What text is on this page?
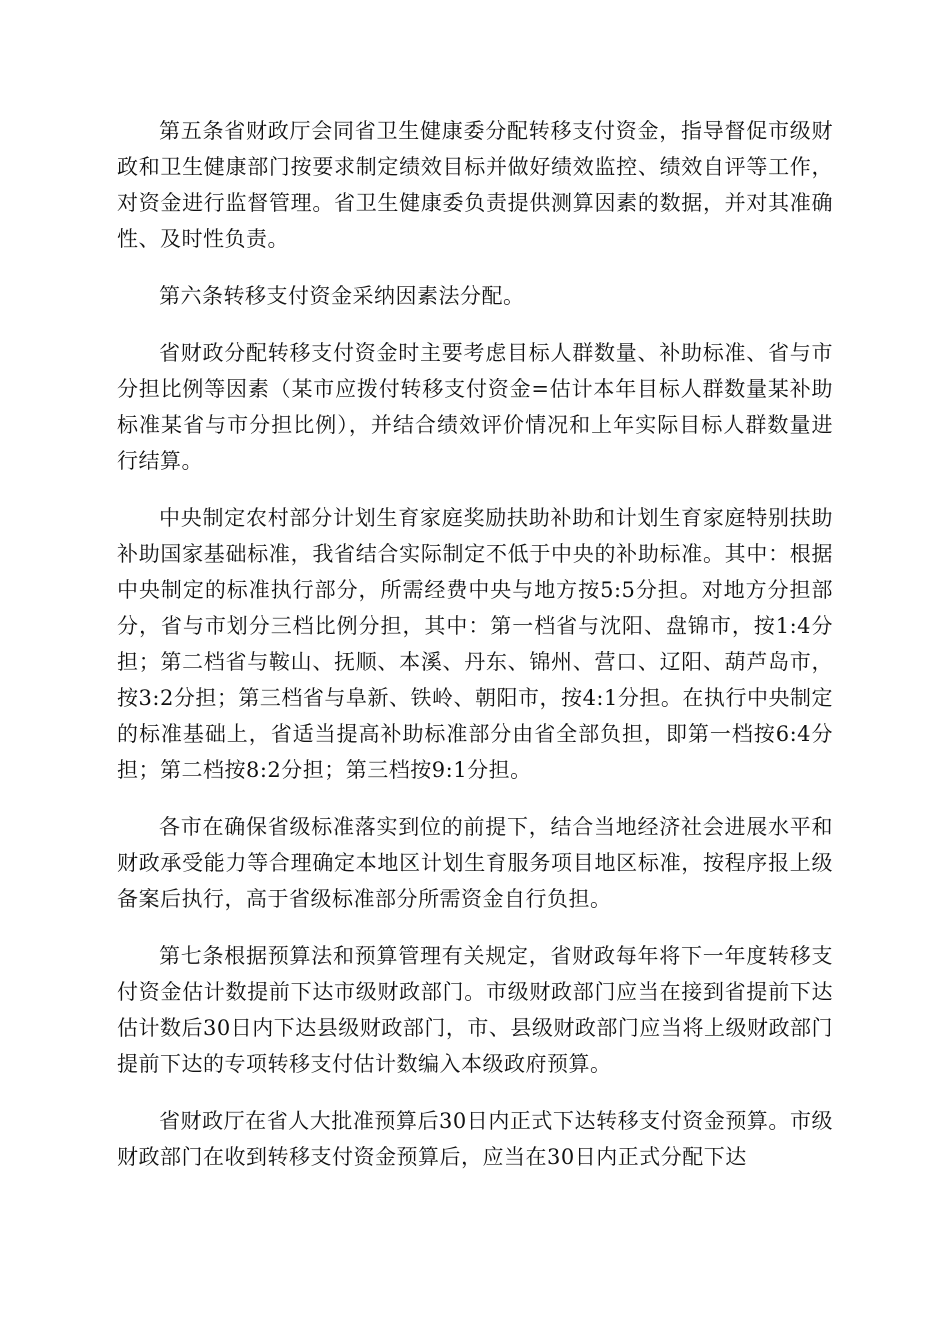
第五条省财政厅会同省卫生健康委分配转移支付资金，指导督促市级财政和卫生健康部门按要求制定绩效目标并做好绩效监控、绩效自评等工作，对资金进行监督管理。省卫生健康委负责提供测算因素的数据，并对其准确性、及时性负责。

第六条转移支付资金采纳因素法分配。

省财政分配转移支付资金时主要考虑目标人群数量、补助标准、省与市分担比例等因素（某市应拨付转移支付资金=估计本年目标人群数量某补助标准某省与市分担比例），并结合绩效评价情况和上年实际目标人群数量进行结算。

中央制定农村部分计划生育家庭奖励扶助补助和计划生育家庭特别扶助补助国家基础标准，我省结合实际制定不低于中央的补助标准。其中：根据中央制定的标准执行部分，所需经费中央与地方按5:5分担。对地方分担部分，省与市划分三档比例分担，其中：第一档省与沈阳、盘锦市，按1:4分担；第二档省与鞍山、抚顺、本溪、丹东、锦州、营口、辽阳、葫芦岛市，按3:2分担；第三档省与阜新、铁岭、朝阳市，按4:1分担。在执行中央制定的标准基础上，省适当提高补助标准部分由省全部负担，即第一档按6:4分担；第二档按8:2分担；第三档按9:1分担。

各市在确保省级标准落实到位的前提下，结合当地经济社会进展水平和财政承受能力等合理确定本地区计划生育服务项目地区标准，按程序报上级备案后执行，高于省级标准部分所需资金自行负担。

第七条根据预算法和预算管理有关规定，省财政每年将下一年度转移支付资金估计数提前下达市级财政部门。市级财政部门应当在接到省提前下达估计数后30日内下达县级财政部门，市、县级财政部门应当将上级财政部门提前下达的专项转移支付估计数编入本级政府预算。

省财政厅在省人大批准预算后30日内正式下达转移支付资金预算。市级财政部门在收到转移支付资金预算后，应当在30日内正式分配下达
